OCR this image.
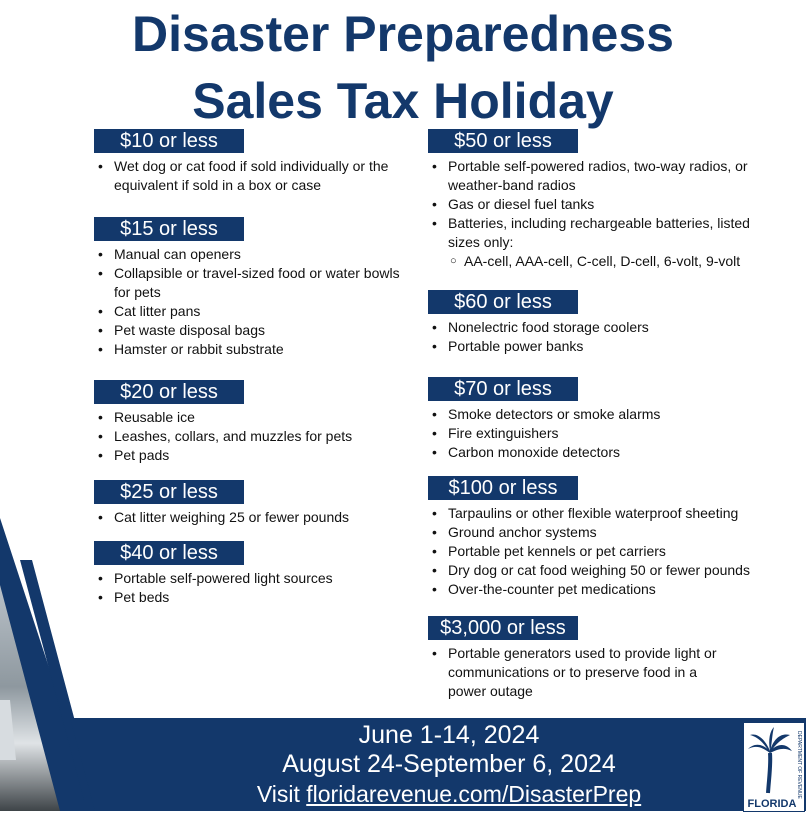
Disaster Preparedness
Sales Tax Holiday
$10 or less
• Wet dog or cat food if sold individually or the equivalent if sold in a box or case
$15 or less
• Manual can openers
• Collapsible or travel-sized food or water bowls for pets
• Cat litter pans
• Pet waste disposal bags
• Hamster or rabbit substrate
$20 or less
• Reusable ice
• Leashes, collars, and muzzles for pets
• Pet pads
$25 or less
• Cat litter weighing 25 or fewer pounds
$40 or less
• Portable self-powered light sources
• Pet beds
$50 or less
• Portable self-powered radios, two-way radios, or weather-band radios
• Gas or diesel fuel tanks
• Batteries, including rechargeable batteries, listed sizes only:
○ AA-cell, AAA-cell, C-cell, D-cell, 6-volt, 9-volt
$60 or less
• Nonelectric food storage coolers
• Portable power banks
$70 or less
• Smoke detectors or smoke alarms
• Fire extinguishers
• Carbon monoxide detectors
$100 or less
• Tarpaulins or other flexible waterproof sheeting
• Ground anchor systems
• Portable pet kennels or pet carriers
• Dry dog or cat food weighing 50 or fewer pounds
• Over-the-counter pet medications
$3,000 or less
• Portable generators used to provide light or communications or to preserve food in a power outage

June 1-14, 2024

August 24-September 6, 2024

Visit floridarevenue.com/DisasterPrep	FLORIDA
DEPARTMENT OF REVENUE
